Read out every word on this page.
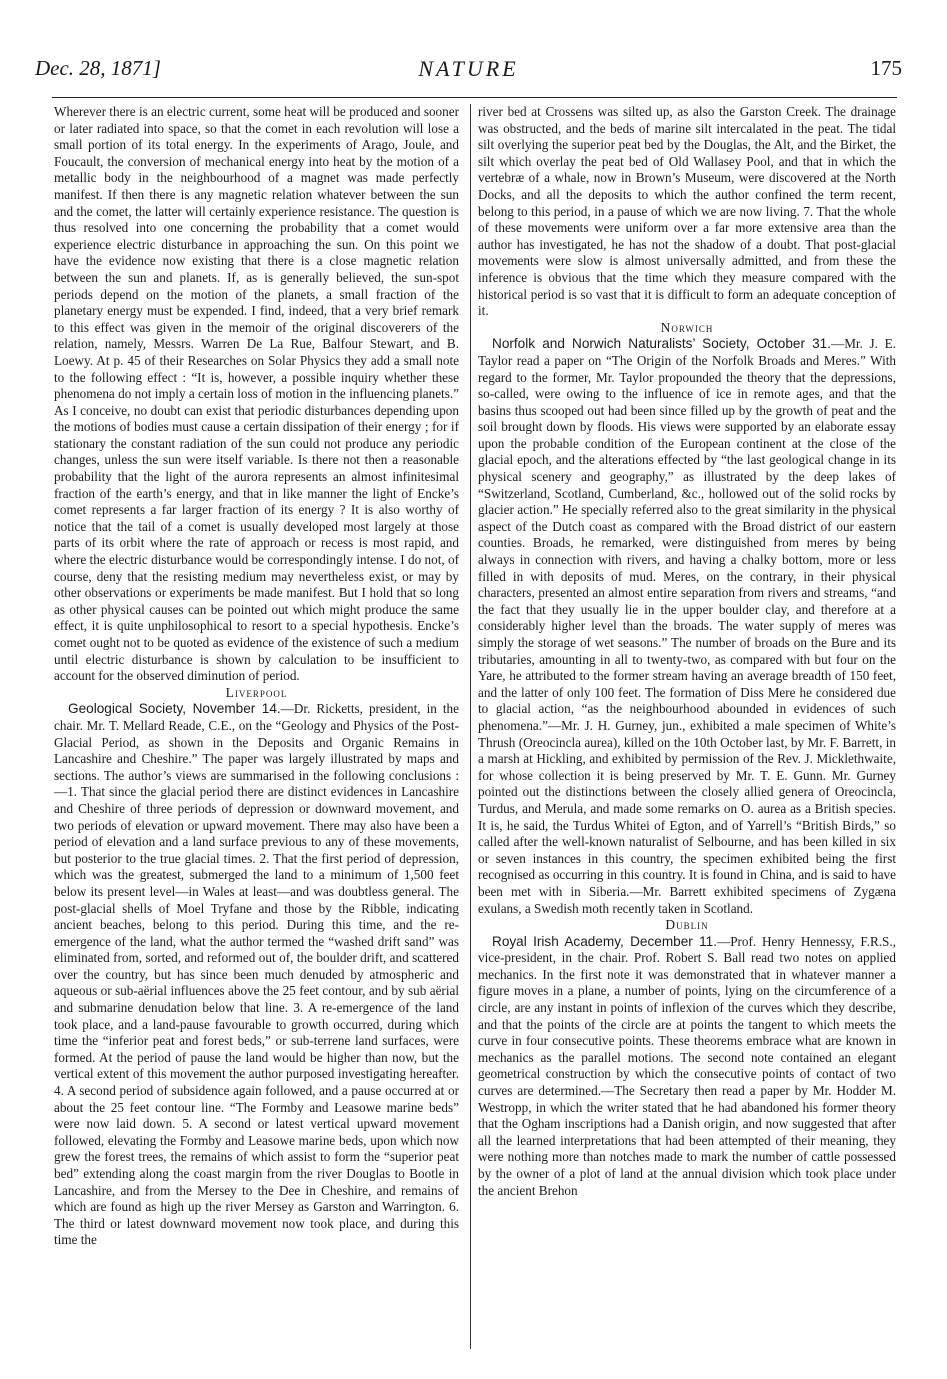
Dec. 28, 1871]	NATURE	175

Wherever there is an electric current, some heat will be produced and sooner or later radiated into space, so that the comet in each revolution will lose a small portion of its total energy. In the experiments of Arago, Joule, and Foucault, the conversion of mechanical energy into heat by the motion of a metallic body in the neighbourhood of a magnet was made perfectly manifest. If then there is any magnetic relation whatever between the sun and the comet, the latter will certainly experience resistance. The question is thus resolved into one concerning the probability that a comet would experience electric disturbance in approaching the sun. On this point we have the evidence now existing that there is a close magnetic relation between the sun and planets. If, as is generally believed, the sun-spot periods depend on the motion of the planets, a small fraction of the planetary energy must be expended. I find, indeed, that a very brief remark to this effect was given in the memoir of the original discoverers of the relation, namely, Messrs. Warren De La Rue, Balfour Stewart, and B. Loewy. At p. 45 of their Researches on Solar Physics they add a small note to the following effect : “It is, however, a possible inquiry whether these phenomena do not imply a certain loss of motion in the influencing planets.” As I conceive, no doubt can exist that periodic disturbances depending upon the motions of bodies must cause a certain dissipation of their energy ; for if stationary the constant radiation of the sun could not produce any periodic changes, unless the sun were itself variable. Is there not then a reasonable probability that the light of the aurora represents an almost infinitesimal fraction of the earth’s energy, and that in like manner the light of Encke’s comet represents a far larger fraction of its energy ? It is also worthy of notice that the tail of a comet is usually developed most largely at those parts of its orbit where the rate of approach or recess is most rapid, and where the electric disturbance would be correspondingly intense. I do not, of course, deny that the resisting medium may nevertheless exist, or may by other observations or experiments be made manifest. But I hold that so long as other physical causes can be pointed out which might produce the same effect, it is quite unphilosophical to resort to a special hypothesis. Encke’s comet ought not to be quoted as evidence of the existence of such a medium until electric disturbance is shown by calculation to be insufficient to account for the observed diminution of period.

Liverpool

Geological Society, November 14.—Dr. Ricketts, president, in the chair. Mr. T. Mellard Reade, C.E., on the “Geology and Physics of the Post-Glacial Period, as shown in the Deposits and Organic Remains in Lancashire and Cheshire.” The paper was largely illustrated by maps and sections. The author’s views are summarised in the following conclusions :—1. That since the glacial period there are distinct evidences in Lancashire and Cheshire of three periods of depression or downward movement, and two periods of elevation or upward movement. There may also have been a period of elevation and a land surface previous to any of these movements, but posterior to the true glacial times. 2. That the first period of depression, which was the greatest, submerged the land to a minimum of 1,500 feet below its present level—in Wales at least—and was doubtless general. The post-glacial shells of Moel Tryfane and those by the Ribble, indicating ancient beaches, belong to this period. During this time, and the re-emergence of the land, what the author termed the “washed drift sand” was eliminated from, sorted, and reformed out of, the boulder drift, and scattered over the country, but has since been much denuded by atmospheric and aqueous or sub-aërial influences above the 25 feet contour, and by sub aërial and submarine denudation below that line. 3. A re-emergence of the land took place, and a land-pause favourable to growth occurred, during which time the “inferior peat and forest beds,” or sub-terrene land surfaces, were formed. At the period of pause the land would be higher than now, but the vertical extent of this movement the author purposed investigating hereafter. 4. A second period of subsidence again followed, and a pause occurred at or about the 25 feet contour line. “The Formby and Leasowe marine beds” were now laid down. 5. A second or latest vertical upward movement followed, elevating the Formby and Leasowe marine beds, upon which now grew the forest trees, the remains of which assist to form the “superior peat bed” extending along the coast margin from the river Douglas to Bootle in Lancashire, and from the Mersey to the Dee in Cheshire, and remains of which are found as high up the river Mersey as Garston and Warrington. 6. The third or latest downward movement now took place, and during this time the

river bed at Crossens was silted up, as also the Garston Creek. The drainage was obstructed, and the beds of marine silt intercalated in the peat. The tidal silt overlying the superior peat bed by the Douglas, the Alt, and the Birket, the silt which overlay the peat bed of Old Wallasey Pool, and that in which the vertebræ of a whale, now in Brown’s Museum, were discovered at the North Docks, and all the deposits to which the author confined the term recent, belong to this period, in a pause of which we are now living. 7. That the whole of these movements were uniform over a far more extensive area than the author has investigated, he has not the shadow of a doubt. That post-glacial movements were slow is almost universally admitted, and from these the inference is obvious that the time which they measure compared with the historical period is so vast that it is difficult to form an adequate conception of it.

Norwich

Norfolk and Norwich Naturalists’ Society, October 31.—Mr. J. E. Taylor read a paper on “The Origin of the Norfolk Broads and Meres.” With regard to the former, Mr. Taylor propounded the theory that the depressions, so-called, were owing to the influence of ice in remote ages, and that the basins thus scooped out had been since filled up by the growth of peat and the soil brought down by floods. His views were supported by an elaborate essay upon the probable condition of the European continent at the close of the glacial epoch, and the alterations effected by “the last geological change in its physical scenery and geography,” as illustrated by the deep lakes of “Switzerland, Scotland, Cumberland, &c., hollowed out of the solid rocks by glacier action.” He specially referred also to the great similarity in the physical aspect of the Dutch coast as compared with the Broad district of our eastern counties. Broads, he remarked, were distinguished from meres by being always in connection with rivers, and having a chalky bottom, more or less filled in with deposits of mud. Meres, on the contrary, in their physical characters, presented an almost entire separation from rivers and streams, “and the fact that they usually lie in the upper boulder clay, and therefore at a considerably higher level than the broads. The water supply of meres was simply the storage of wet seasons.” The number of broads on the Bure and its tributaries, amounting in all to twenty-two, as compared with but four on the Yare, he attributed to the former stream having an average breadth of 150 feet, and the latter of only 100 feet. The formation of Diss Mere he considered due to glacial action, “as the neighbourhood abounded in evidences of such phenomena.”—Mr. J. H. Gurney, jun., exhibited a male specimen of White’s Thrush (Oreocincla aurea), killed on the 10th October last, by Mr. F. Barrett, in a marsh at Hickling, and exhibited by permission of the Rev. J. Micklethwaite, for whose collection it is being preserved by Mr. T. E. Gunn. Mr. Gurney pointed out the distinctions between the closely allied genera of Oreocincla, Turdus, and Merula, and made some remarks on O. aurea as a British species. It is, he said, the Turdus Whitei of Egton, and of Yarrell’s “British Birds,” so called after the well-known naturalist of Selbourne, and has been killed in six or seven instances in this country, the specimen exhibited being the first recognised as occurring in this country. It is found in China, and is said to have been met with in Siberia.—Mr. Barrett exhibited specimens of Zygæna exulans, a Swedish moth recently taken in Scotland.

Dublin

Royal Irish Academy, December 11.—Prof. Henry Hennessy, F.R.S., vice-president, in the chair. Prof. Robert S. Ball read two notes on applied mechanics. In the first note it was demonstrated that in whatever manner a figure moves in a plane, a number of points, lying on the circumference of a circle, are any instant in points of inflexion of the curves which they describe, and that the points of the circle are at points the tangent to which meets the curve in four consecutive points. These theorems embrace what are known in mechanics as the parallel motions. The second note contained an elegant geometrical construction by which the consecutive points of contact of two curves are determined.—The Secretary then read a paper by Mr. Hodder M. Westropp, in which the writer stated that he had abandoned his former theory that the Ogham inscriptions had a Danish origin, and now suggested that after all the learned interpretations that had been attempted of their meaning, they were nothing more than notches made to mark the number of cattle possessed by the owner of a plot of land at the annual division which took place under the ancient Brehon
